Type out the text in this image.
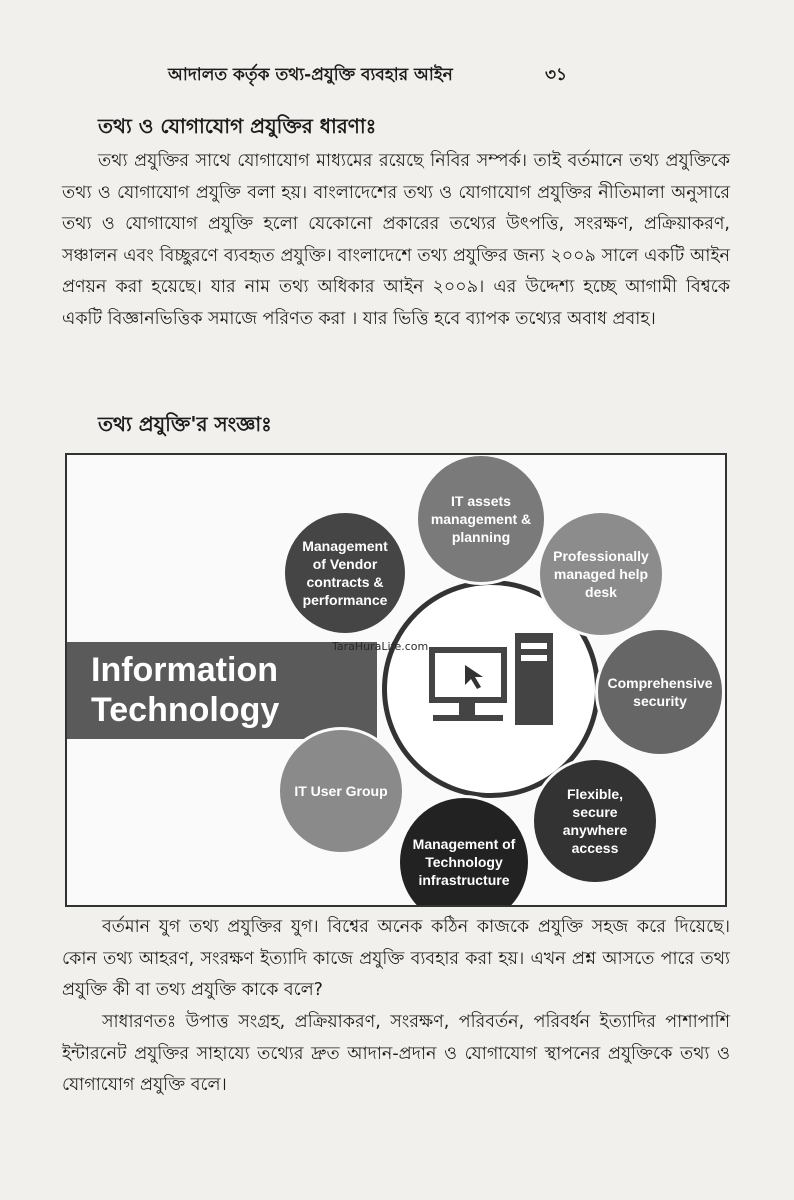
আদালত কর্তৃক তথ্য-প্রযুক্তি ব্যবহার আইন	৩১
তথ্য ও যোগাযোগ প্রযুক্তির ধারণাঃ
তথ্য প্রযুক্তির সাথে যোগাযোগ মাধ্যমের রয়েছে নিবির সম্পর্ক। তাই বর্তমানে তথ্য প্রযুক্তিকে তথ্য ও যোগাযোগ প্রযুক্তি বলা হয়। বাংলাদেশের তথ্য ও যোগাযোগ প্রযুক্তির নীতিমালা অনুসারে তথ্য ও যোগাযোগ প্রযুক্তি হলো যেকোনো প্রকারের তথ্যের উৎপত্তি, সংরক্ষণ, প্রক্রিয়াকরণ, সঞ্চালন এবং বিচ্ছুরণে ব্যবহৃত প্রযুক্তি। বাংলাদেশে তথ্য প্রযুক্তির জন্য ২০০৯ সালে একটি আইন প্রণয়ন করা হয়েছে। যার নাম তথ্য অধিকার আইন ২০০৯। এর উদ্দেশ্য হচ্ছে আগামী বিশ্বকে একটি বিজ্ঞানভিত্তিক সমাজে পরিণত করা । যার ভিত্তি হবে ব্যাপক তথ্যের অবাধ প্রবাহ।
তথ্য প্রযুক্তি'র সংজ্ঞাঃ
Information Technology
IT assets management & planning
Management of Vendor contracts & performance
Professionally managed help desk
Comprehensive security
Flexible, secure anywhere access
Management of Technology infrastructure
IT User Group
TaraHuraLife.com
বর্তমান যুগ তথ্য প্রযুক্তির যুগ। বিশ্বের অনেক কঠিন কাজকে প্রযুক্তি সহজ করে দিয়েছে। কোন তথ্য আহরণ, সংরক্ষণ ইত্যাদি কাজে প্রযুক্তি ব্যবহার করা হয়। এখন প্রশ্ন আসতে পারে তথ্য প্রযুক্তি কী বা তথ্য প্রযুক্তি কাকে বলে?
সাধারণতঃ উপাত্ত সংগ্রহ, প্রক্রিয়াকরণ, সংরক্ষণ, পরিবর্তন, পরিবর্ধন ইত্যাদির পাশাপাশি ইন্টারনেট প্রযুক্তির সাহায্যে তথ্যের দ্রুত আদান-প্রদান ও যোগাযোগ স্থাপনের প্রযুক্তিকে তথ্য ও যোগাযোগ প্রযুক্তি বলে।
